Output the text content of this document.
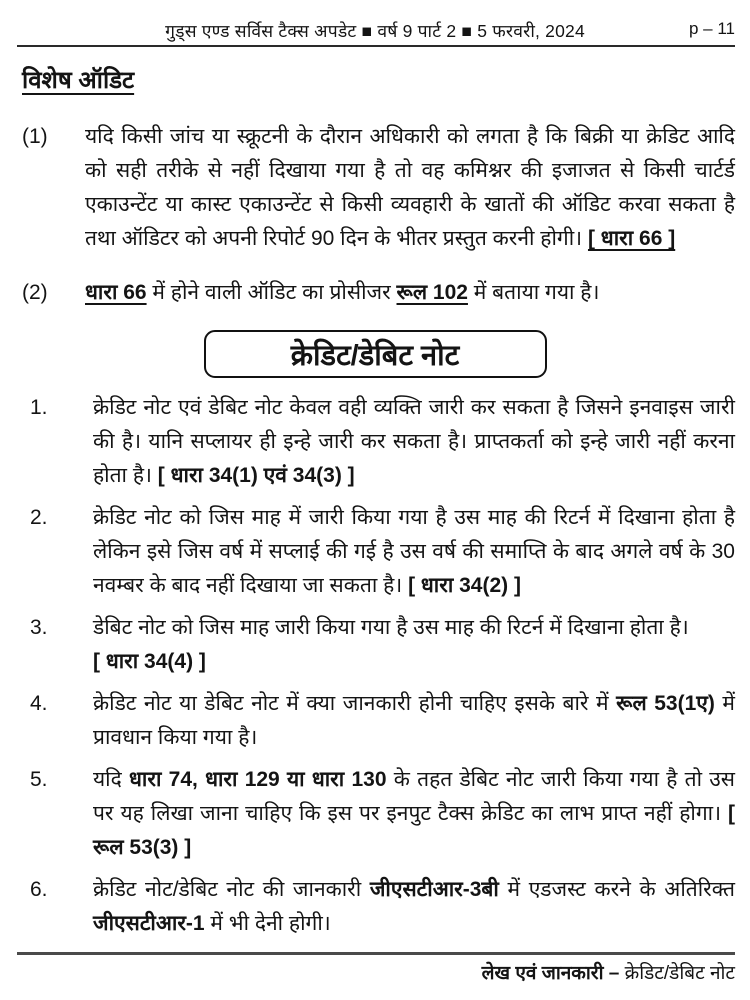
गुड्स एण्ड सर्विस टैक्स अपडेट ■ वर्ष 9 पार्ट 2 ■ 5 फरवरी, 2024	p – 11
विशेष ऑडिट
(1)	यदि किसी जांच या स्क्रूटनी के दौरान अधिकारी को लगता है कि बिक्री या क्रेडिट आदि को सही तरीके से नहीं दिखाया गया है तो वह कमिश्नर की इजाजत से किसी चार्टर्ड एकाउन्टेंट या कास्ट एकाउन्टेंट से किसी व्यवहारी के खातों की ऑडिट करवा सकता है तथा ऑडिटर को अपनी रिपोर्ट 90 दिन के भीतर प्रस्तुत करनी होगी। [ धारा 66 ]
(2)	धारा 66 में होने वाली ऑडिट का प्रोसीजर रूल 102 में बताया गया है।
क्रेडिट/डेबिट नोट
1.	क्रेडिट नोट एवं डेबिट नोट केवल वही व्यक्ति जारी कर सकता है जिसने इनवाइस जारी की है। यानि सप्लायर ही इन्हे जारी कर सकता है। प्राप्तकर्ता को इन्हे जारी नहीं करना होता है। [ धारा 34(1) एवं 34(3) ]
2.	क्रेडिट नोट को जिस माह में जारी किया गया है उस माह की रिटर्न में दिखाना होता है लेकिन इसे जिस वर्ष में सप्लाई की गई है उस वर्ष की समाप्ति के बाद अगले वर्ष के 30 नवम्बर के बाद नहीं दिखाया जा सकता है। [ धारा 34(2) ]
3.	डेबिट नोट को जिस माह जारी किया गया है उस माह की रिटर्न में दिखाना होता है।
[ धारा 34(4) ]
4.	क्रेडिट नोट या डेबिट नोट में क्या जानकारी होनी चाहिए इसके बारे में रूल 53(1ए) में प्रावधान किया गया है।
5.	यदि धारा 74, धारा 129 या धारा 130 के तहत डेबिट नोट जारी किया गया है तो उस पर यह लिखा जाना चाहिए कि इस पर इनपुट टैक्स क्रेडिट का लाभ प्राप्त नहीं होगा। [ रूल 53(3) ]
6.	क्रेडिट नोट/डेबिट नोट की जानकारी जीएसटीआर-3बी में एडजस्ट करने के अतिरिक्त जीएसटीआर-1 में भी देनी होगी।
लेख एवं जानकारी – क्रेडिट/डेबिट नोट
